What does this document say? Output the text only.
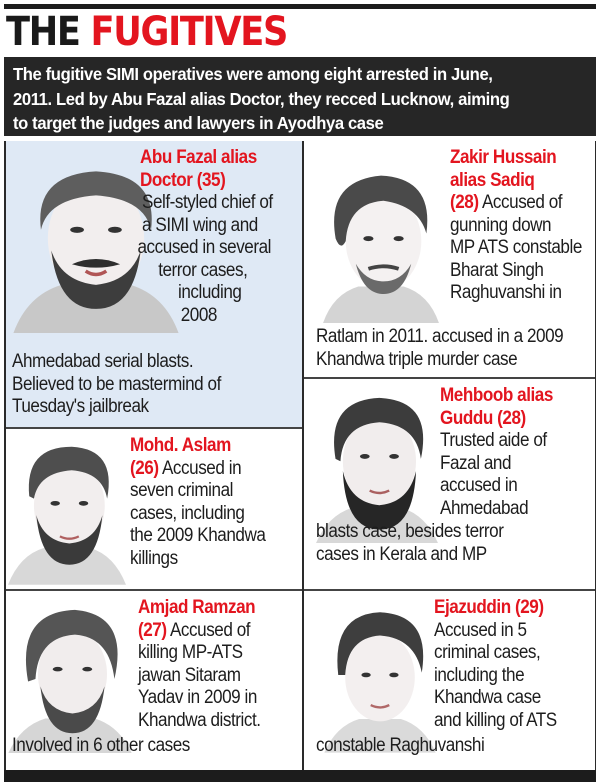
THE FUGITIVES

The fugitive SIMI operatives were among eight arrested in June,

2011. Led by Abu Fazal alias Doctor, they recced Lucknow, aiming

to target the judges and lawyers in Ayodhya case

Abu Fazal alias
Doctor (35)
Self-styled chief of
a SIMI wing and
accused in several
terror cases,
including
2008
Ahmedabad serial blasts.
Believed to be mastermind of
Tuesday's jailbreak
Zakir Hussain
alias Sadiq
(28) Accused of
gunning down
MP ATS constable
Bharat Singh
Raghuvanshi in
Ratlam in 2011. accused in a 2009
Khandwa triple murder case
Mohd. Aslam
(26) Accused in
seven criminal
cases, including
the 2009 Khandwa
killings
Mehboob alias
Guddu (28)
Trusted aide of
Fazal and
accused in
Ahmedabad
blasts case, besides terror
cases in Kerala and MP
Amjad Ramzan
(27) Accused of
killing MP-ATS
jawan Sitaram
Yadav in 2009 in
Khandwa district.
Involved in 6 other cases
Ejazuddin (29)
Accused in 5
criminal cases,
including the
Khandwa case
and killing of ATS
constable Raghuvanshi
